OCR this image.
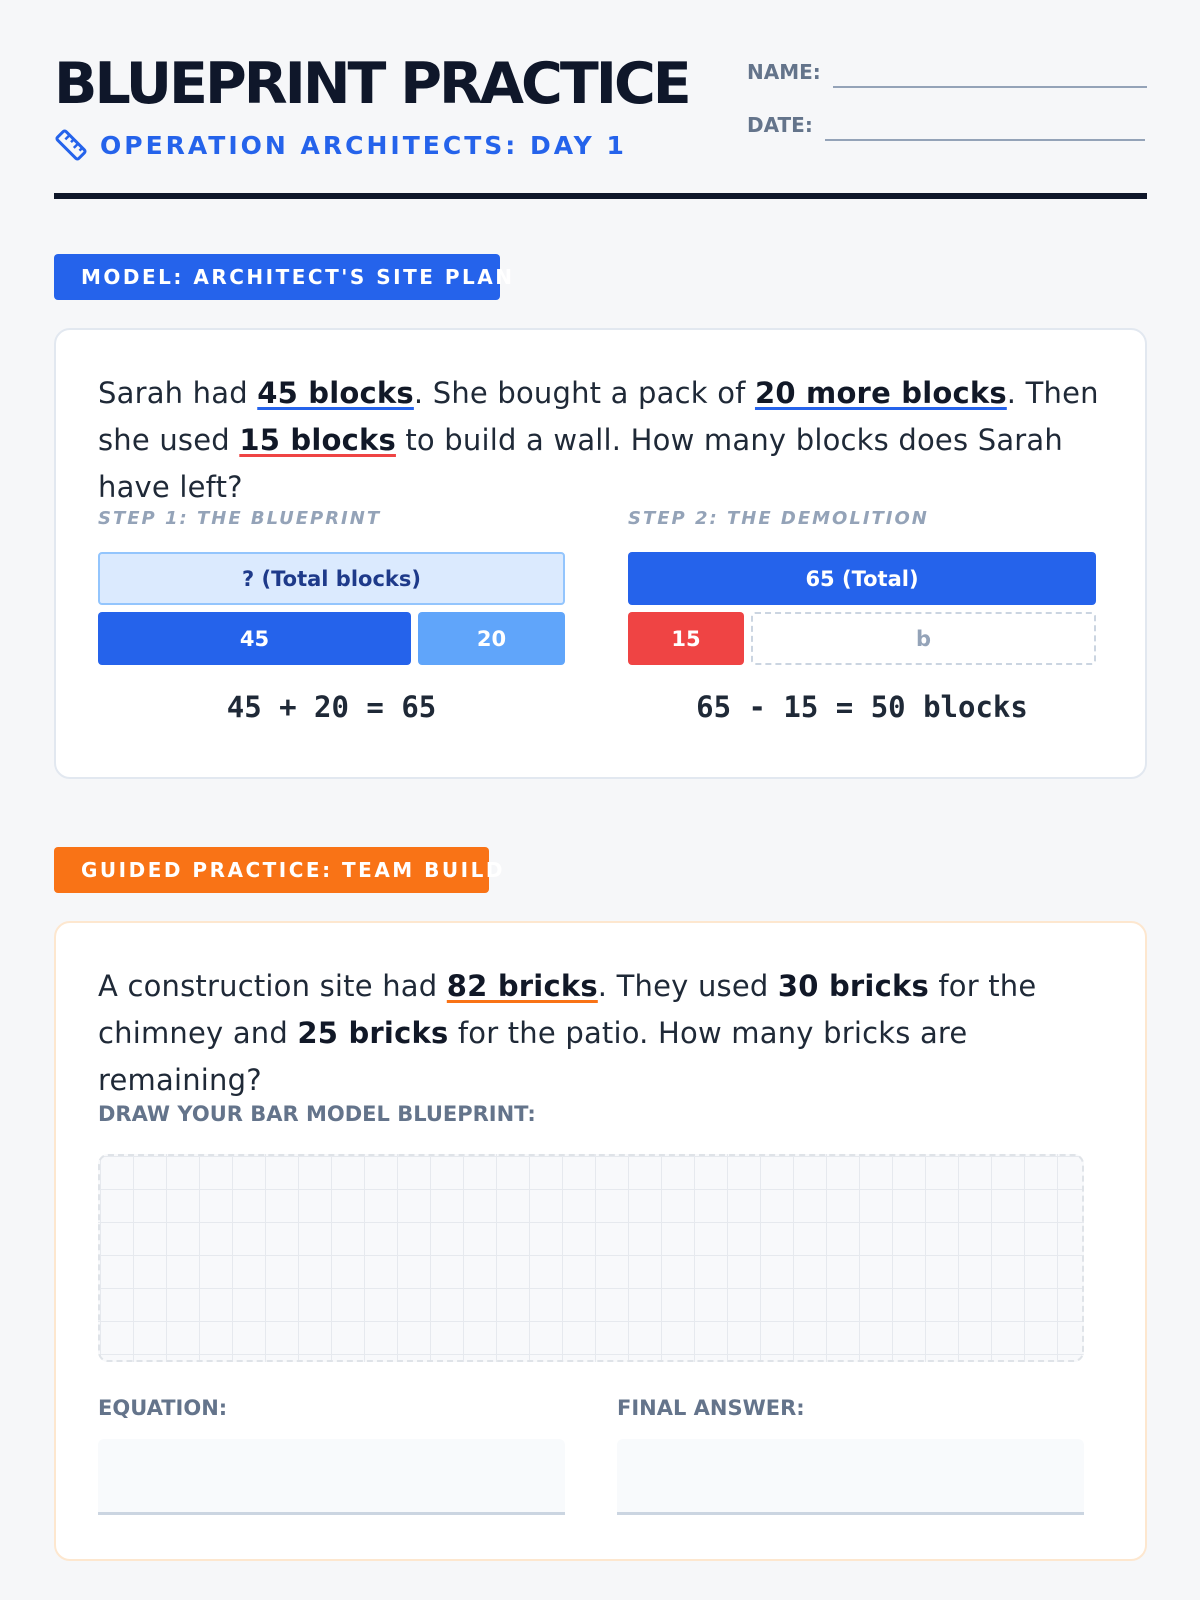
BLUEPRINT PRACTICE
OPERATION ARCHITECTS: DAY 1
NAME:
DATE:
MODEL: ARCHITECT'S SITE PLAN

Sarah had 45 blocks. She bought a pack of 20 more blocks. Then she used 15 blocks to build a wall. How many blocks does Sarah have left?

STEP 1: THE BLUEPRINT
? (Total blocks)
45	20
45 + 20 = 65
STEP 2: THE DEMOLITION
65 (Total)
15	b
65 - 15 = 50 blocks
GUIDED PRACTICE: TEAM BUILD

A construction site had 82 bricks. They used 30 bricks for the chimney and 25 bricks for the patio. How many bricks are remaining?

DRAW YOUR BAR MODEL BLUEPRINT:
EQUATION:	FINAL ANSWER:
